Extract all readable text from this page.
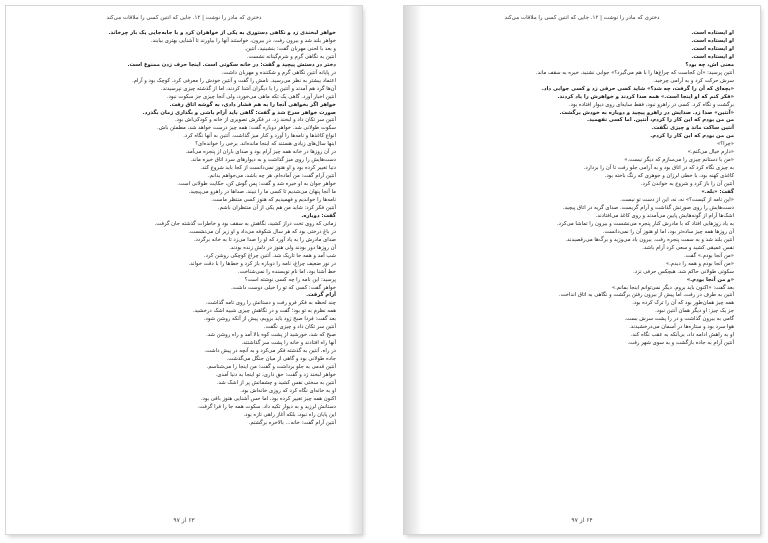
دختری که مادر را نوشت | ۱۲. جایی که آنتین کسی را ملاقات می‌کند
خواهر لبخندی زد و نگاهی دستوری به یکی از خواهران کرد و با جابه‌جایی یک بار چرخاند.
خواهر بلند شد و بیرون رفت. در بیرون، خواستند آنها را بیاورند تا آشنایی بهتری بیابند.
و بعد با لحنی مهربان گفت: بنشینید، آنتین.
آنتین به نگاهی گرم و شرم‌گینانه نشست.
دختر در دستش پیچید و گفت: در خانه سکوتی است. اینجا حرف زدن ممنوع است.
در پایانه آنتین نگاهی گرم و شکننده و مهربان داشت.
اعتماد بیشتر به نظر می‌رسید. نامش را گفت و آنتین خودش را معرفی کرد. کوچک بود و آرام.
آن‌ها گرد هم آمدند و آنتین را با دیگران آشنا کردند، اما از گذشته چیزی نپرسیدند.
آنتین اخبار آورد. گاهی یک تکه ماهی می‌خورد، ولی آنجا چیزی جز سکوت نبود.
خواهر اگر بخواهی آنجا را به هم فشار دادی، به گوشه اتاق رفت.
صورت خواهر سرخ شد و گفت: گاهی باید آرام باشی و بگذاری زمان بگذرد.
آنتین سر تکان داد و لبخند زد. در فکرش تصویری از خانه و کودکی‌اش بود.
سکوت طولانی شد. خواهر دوباره گفت: همه چیز درست خواهد شد، مطمئن باش.
انواع کاغذها و نامه‌ها را آورد و کنار میز گذاشت. آنتین به آنها نگاه کرد.
اینها سال‌های زیادی هستند که اینجا مانده‌اند. برخی را خوانده‌ای؟
در آن روزها در خانه همه چیز آرام بود و صدای باران از پنجره می‌آمد.
دست‌هایش را روی میز گذاشت و به دیوارهای سرد اتاق خیره ماند.
دنیا تغییر کرده بود و او هنوز نمی‌دانست از کجا باید شروع کند.
آنتین آرام گفت: من آماده‌ام، هر چه باشد، می‌خواهم بدانم.
خواهر جوان به او خیره شد و گفت: پس گوش کن، حکایت طولانی است.
ما آنجا پنهان می‌شدیم تا کسی ما را نبیند. صداها در راهرو می‌پیچید.
نامه‌ها را خواندیم و فهمیدیم که هنوز کسی منتظر ماست.
آنتین فکر کرد: شاید من هم یکی از آن منتظران باشم.
گفت: دوباره.
زمانی که روی تخت دراز کشید، نگاهش به سقف بود و خاطرات گذشته جان گرفت.
در باغ درختی بود که هر سال شکوفه می‌داد و او زیر آن می‌نشست.
صدای مادرش را به یاد آورد که او را صدا می‌زد تا به خانه برگردد.
آن روزها دور بودند ولی هنوز در دلش زنده بودند.
شب آمد و همه جا تاریک شد. آنتین چراغ کوچکی روشن کرد.
در نور ضعیف چراغ، نامه را دوباره باز کرد و خط‌ها را با دقت خواند.
خط آشنا بود، اما نام نویسنده را نمی‌شناخت.
پرسید: این نامه را چه کسی نوشته است؟
خواهر گفت: کسی که تو را خیلی دوست داشت.
آرام گرفت.
چند لحظه به فکر فرو رفت و دستانش را روی نامه گذاشت.
همه نظرم به تو بود؛ گفت و در نگاهش چیزی شبیه اشک درخشید.
بعد گفت: فردا صبح زود باید برویم، پیش از آنکه روشن شود.
آنتین سر تکان داد و چیزی نگفت.
صبح که شد، خورشید از پشت کوه بالا آمد و راه روشن شد.
آنها راه افتادند و خانه را پشت سر گذاشتند.
در راه، آنتین به گذشته فکر می‌کرد و به آنچه در پیش داشت.
جاده طولانی بود و گاهی از میان جنگل می‌گذشت.
آنتین قدمی به جلو برداشت و گفت: من اینجا را می‌شناسم.
خواهر لبخند زد و گفت: حق داری، تو اینجا به دنیا آمدی.
آنتین به سختی نفس کشید و چشمانش پر از اشک شد.
او به خانه‌ای نگاه کرد که روزی خانه‌اش بود.
اکنون همه چیز تغییر کرده بود، اما حس آشنایی هنوز باقی بود.
دستانش لرزید و به دیوار تکیه داد. سکوت همه جا را فرا گرفت.
این پایان راه نبود، بلکه آغاز راهی تازه بود.
آنتین آرام گفت: خانه... بالاخره برگشتم.
۶۳ از ۹۷
دختری که مادر را نوشت | ۱۲. جایی که آنتین کسی را ملاقات می‌کند
او ایستاده است.
او ایستاده است.
او ایستاده است.
او ایستاده است.
معنی اش، چه بود؟
آنتین پرسید: «آن کجاست که چراغ‌ها را با هم می‌گیرد؟» جوابی نشنید. خیره به سقف ماند.
سرش حرکت کرد و به آرامی چرخید.
«بچه‌ای که آن را گرفت، چه شد؟» شاید کسی حرفی زد و کسی جوابی داد.
«فکر کنم که او اینجا است.» همه صدا کردند و خواهرش را یاد کردند.
برگشت و نگاه کرد. کسی در راهرو نبود، فقط سایه‌ای روی دیوار افتاده بود.
«آنتین» صدا زد. صدایش در راهرو پیچید و دوباره به خودش برگشت.
من من بودم که این کار را کردم، آنتین. اما کسی نفهمید.
آنتین ساکت ماند و چیزی نگفت.
من من بودم که این کار را کردم.
«چرا؟»
«دارم خیال می‌کنم.»
«من با دستانم چیزی را می‌سازم که دیگر نیست.»
به چیزی نگاه کرد که در اتاق بود و به آرامی جلو رفت تا آن را بردارد.
کاغذی کهنه بود، با خطی لرزان و جوهری که رنگ باخته بود.
آنتین آن را باز کرد و شروع به خواندن کرد.
گفت: «بله.»
«این نامه از کیست؟» نه، نه، این از دست تو نیست.
دست‌هایش را روی صورتش گذاشت و آرام گریست. صدای گریه در اتاق پیچید.
اشک‌ها آرام از گونه‌هایش پایین می‌آمدند و روی کاغذ می‌افتادند.
به یاد روزهایی افتاد که با مادرش کنار پنجره می‌نشست و بیرون را تماشا می‌کرد.
آن روزها همه چیز ساده‌تر بود، اما او هنوز آن را نمی‌دانست.
آنتین بلند شد و به سمت پنجره رفت. بیرون باد می‌وزید و برگ‌ها می‌رقصیدند.
نفس عمیقی کشید و سعی کرد آرام باشد.
«من آنجا بودم.» گفت.
«من آنجا بودم و همه را دیدم.»
سکوتی طولانی حاکم شد. هیچکس حرفی نزد.
«و من آنجا بودم.»
بعد گفت: «اکنون باید بروم. دیگر نمی‌توانم اینجا بمانم.»
آنتین به طرف در رفت، اما پیش از بیرون رفتن برگشت و نگاهی به اتاق انداخت.
همه چیز همان‌طور بود که آن را ترک کرده بود.
جز یک چیز: او دیگر همان آنتین نبود.
گامی به بیرون گذاشت و در را پشت سرش بست.
هوا سرد بود و ستاره‌ها در آسمان می‌درخشیدند.
او به راهش ادامه داد، بی‌آنکه به عقب نگاه کند.
آنتین آرام به جاده بازگشت و به سوی شهر رفت.
۶۴ از ۹۷
